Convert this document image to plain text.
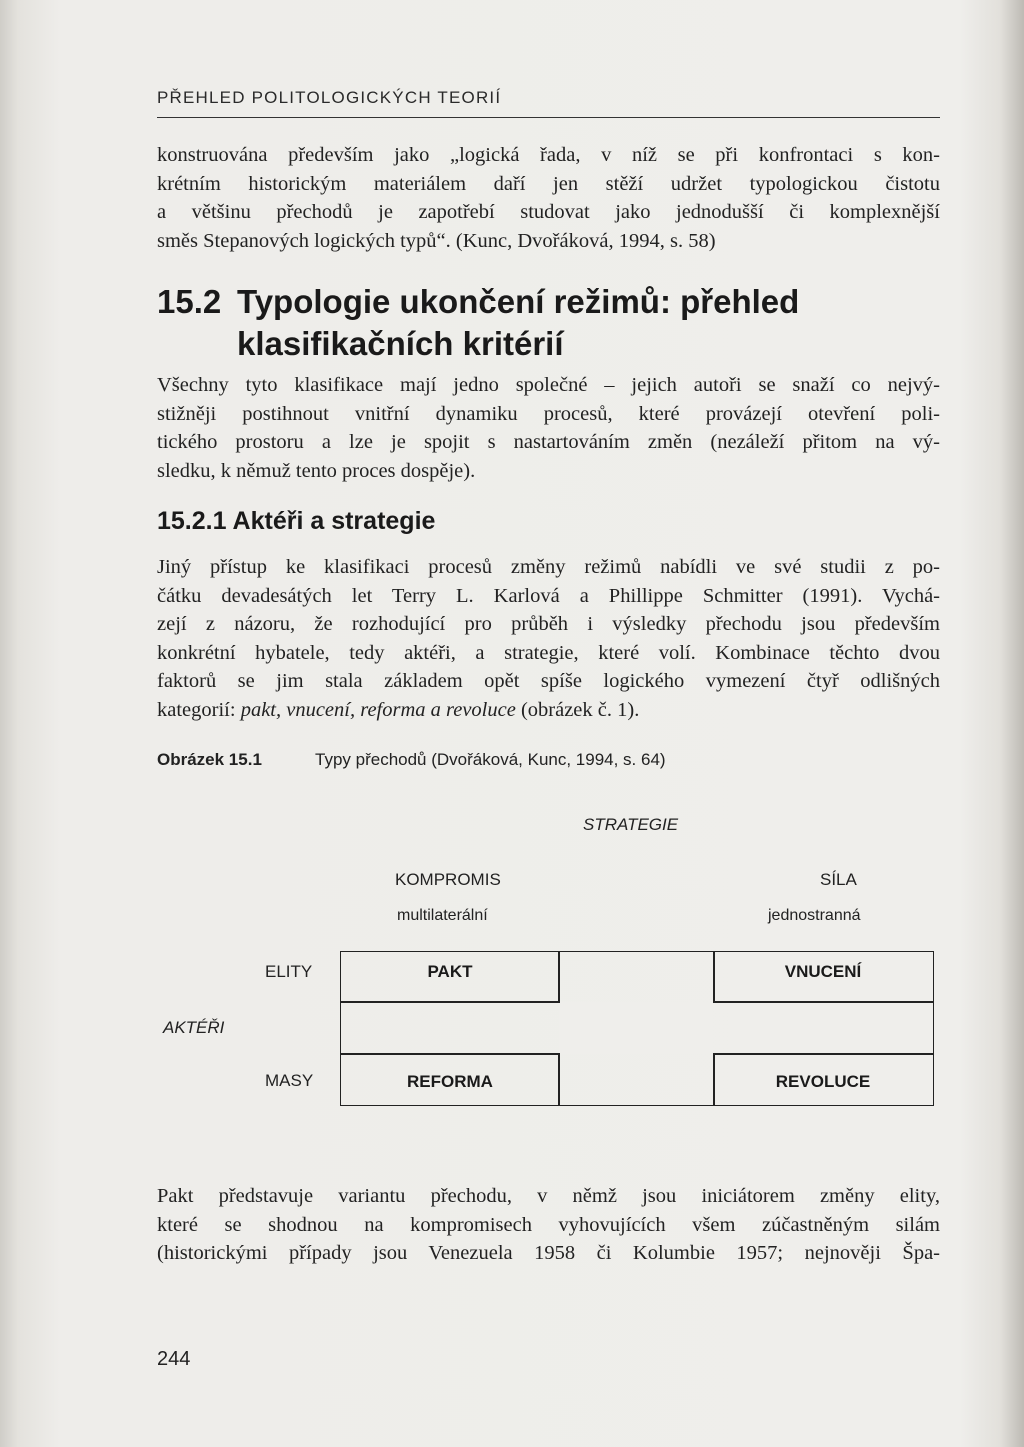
PŘEHLED POLITOLOGICKÝCH TEORIÍ

konstruována především jako „logická řada, v níž se při konfrontaci s kon-
krétním historickým materiálem daří jen stěží udržet typologickou čistotu
a většinu přechodů je zapotřebí studovat jako jednodušší či komplexnější
směs Stepanových logických typů“. (Kunc, Dvořáková, 1994, s. 58)

15.2 Typologie ukončení režimů: přehled
klasifikačních kritérií

Všechny tyto klasifikace mají jedno společné – jejich autoři se snaží co nejvý-
stižněji postihnout vnitřní dynamiku procesů, které provázejí otevření poli-
tického prostoru a lze je spojit s nastartováním změn (nezáleží přitom na vý-
sledku, k němuž tento proces dospěje).

15.2.1 Aktéři a strategie

Jiný přístup ke klasifikaci procesů změny režimů nabídli ve své studii z po-
čátku devadesátých let Terry L. Karlová a Phillippe Schmitter (1991). Vychá-
zejí z názoru, že rozhodující pro průběh i výsledky přechodu jsou především
konkrétní hybatele, tedy aktéři, a strategie, které volí. Kombinace těchto dvou
faktorů se jim stala základem opět spíše logického vymezení čtyř odlišných
kategorií: pakt, vnucení, reforma a revoluce (obrázek č. 1).

Obrázek 15.1	Typy přechodů (Dvořáková, Kunc, 1994, s. 64)
STRATEGIE
KOMPROMIS
multilaterální
SÍLA
jednostranná
AKTÉŘI
ELITY
MASY
PAKT	VNUCENÍ
REFORMA	REVOLUCE

Pakt představuje variantu přechodu, v němž jsou iniciátorem změny elity,
které se shodnou na kompromisech vyhovujících všem zúčastněným silám
(historickými případy jsou Venezuela 1958 či Kolumbie 1957; nejnověji Špa-

244
